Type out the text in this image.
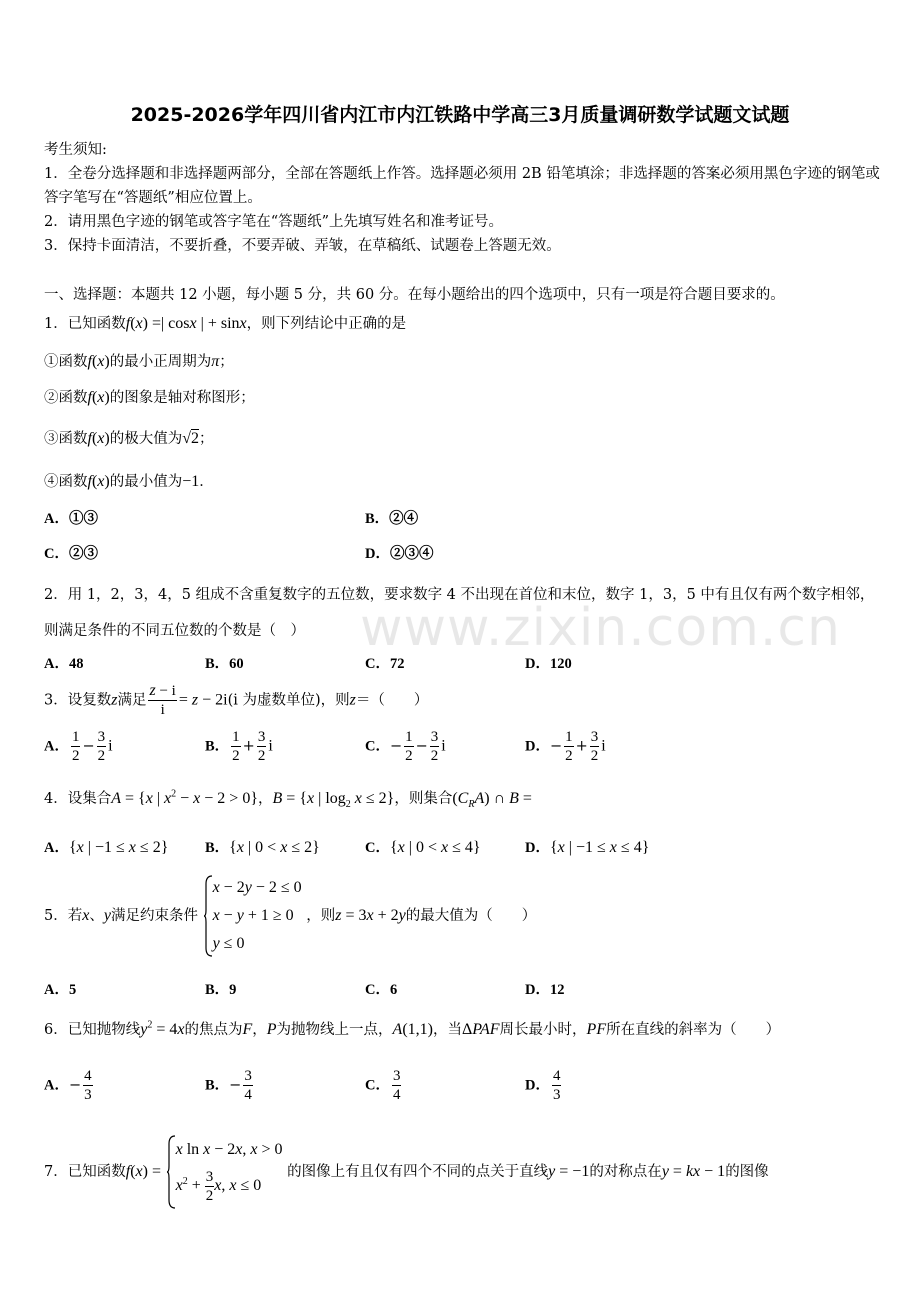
2025-2026学年四川省内江市内江铁路中学高三3月质量调研数学试题文试题
考生须知:
1．全卷分选择题和非选择题两部分，全部在答题纸上作答。选择题必须用 2B 铅笔填涂；非选择题的答案必须用黑色字迹的钢笔或答字笔写在“答题纸”相应位置上。
2．请用黑色字迹的钢笔或答字笔在“答题纸”上先填写姓名和准考证号。
3．保持卡面清洁，不要折叠，不要弄破、弄皱，在草稿纸、试题卷上答题无效。
一、选择题：本题共 12 小题，每小题 5 分，共 60 分。在每小题给出的四个选项中，只有一项是符合题目要求的。
www.zixin.com.cn
1．已知函数f(x) =| cosx | + sinx，则下列结论中正确的是
①函数f(x)的最小正周期为π；
②函数f(x)的图象是轴对称图形；
③函数f(x)的极大值为√2；
④函数f(x)的最小值为−1．
A．①③	B．②④
C．②③	D．②③④
2．用 1，2，3，4，5 组成不含重复数字的五位数，要求数字 4 不出现在首位和末位，数字 1，3，5 中有且仅有两个数字相邻，则满足条件的不同五位数的个数是（　）
A．48	B．60	C．72	D．120
3．设复数z满足 $\frac{z - i}{i} = z - 2i(i$ 为虚数单位)，则z＝（　　）
A． $\frac{1}{2} - \frac{3}{2}$ i	B． $\frac{1}{2} + \frac{3}{2}$ i	C．− $\frac{1}{2} - \frac{3}{2}$ i	D．− $\frac{1}{2} + \frac{3}{2}$ i
4．设集合A = {x | $x^2 - x - 2 > 0$}，B = {x | $\log_2 x \le 2$}，则集合$(C_RA)$ ∩ B =
A．{x | −1 ≤ x ≤ 2}	B．{x | 0 < x ≤ 2}	C．{x | 0 < x ≤ 4}	D．{x | −1 ≤ x ≤ 4}
5．若x、y满足约束条件
x − 2y − 2 ≤ 0
x − y + 1 ≥ 0
y ≤ 0
，则z = 3x + 2y的最大值为（　　）
A．5	B．9	C．6	D．12
6．已知抛物线$y^2 = 4x$的焦点为F，P为抛物线上一点，A(1,1)，当ΔPAF周长最小时，PF所在直线的斜率为（　　）
A．− $\frac{4}{3}$	B．− $\frac{3}{4}$	C． $\frac{3}{4}$	D． $\frac{4}{3}$
7．已知函数f(x) =
x ln x − 2x, x > 0
$x^2 + \frac{3}{2} x$, x ≤ 0
的图像上有且仅有四个不同的点关于直线y = −1的对称点在y = kx − 1的图像
